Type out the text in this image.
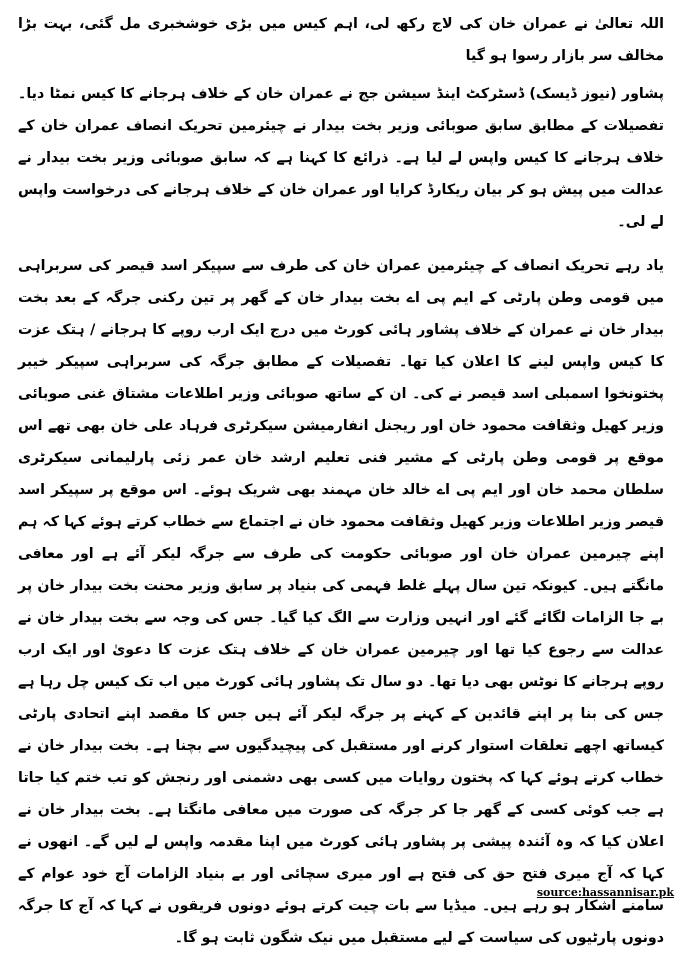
اللہ تعالیٰ نے عمران خان کی لاج رکھ لی، اہم کیس میں بڑی خوشخبری مل گئی، بہت بڑا مخالف سر بازار رسوا ہو گیا

پشاور (نیوز ڈیسک) ڈسٹرکٹ اینڈ سیشن جج نے عمران خان کے خلاف ہرجانے کا کیس نمٹا دیا۔ تفصیلات کے مطابق سابق صوبائی وزیر بخت بیدار نے چیئرمین تحریک انصاف عمران خان کے خلاف ہرجانے کا کیس واپس لے لیا ہے۔ ذرائع کا کہنا ہے کہ سابق صوبائی وزیر بخت بیدار نے عدالت میں پیش ہو کر بیان ریکارڈ کرایا اور عمران خان کے خلاف ہرجانے کی درخواست واپس لے لی۔

یاد رہے تحریک انصاف کے چیئرمین عمران خان کی طرف سے سپیکر اسد قیصر کی سربراہی میں قومی وطن پارٹی کے ایم پی اے بخت بیدار خان کے گھر پر تین رکنی جرگہ کے بعد بخت بیدار خان نے عمران کے خلاف پشاور ہائی کورٹ میں درج ایک ارب روپے کا ہرجانے / ہتک عزت کا کیس واپس لینے کا اعلان کیا تھا۔ تفصیلات کے مطابق جرگہ کی سربراہی سپیکر خیبر پختونخوا اسمبلی اسد قیصر نے کی۔ ان کے ساتھ صوبائی وزیر اطلاعات مشتاق غنی صوبائی وزیر کھیل وثقافت محمود خان اور ریجنل انفارمیشن سیکرٹری فرہاد علی خان بھی تھے اس موقع پر قومی وطن پارٹی کے مشیر فنی تعلیم ارشد خان عمر زئی پارلیمانی سیکرٹری سلطان محمد خان اور ایم پی اے خالد خان مہمند بھی شریک ہوئے۔ اس موقع پر سپیکر اسد قیصر وزیر اطلاعات وزیر کھیل وثقافت محمود خان نے اجتماع سے خطاب کرتے ہوئے کہا کہ ہم اپنے چیرمین عمران خان اور صوبائی حکومت کی طرف سے جرگہ لیکر آئے ہے اور معافی مانگتے ہیں۔ کیونکہ تین سال پہلے غلط فہمی کی بنیاد پر سابق وزیر محنت بخت بیدار خان پر بے جا الزامات لگائے گئے اور انہیں وزارت سے الگ کیا گیا۔ جس کی وجہ سے بخت بیدار خان نے عدالت سے رجوع کیا تھا اور چیرمین عمران خان کے خلاف ہتک عزت کا دعویٰ اور ایک ارب روپے ہرجانے کا نوٹس بھی دیا تھا۔ دو سال تک پشاور ہائی کورٹ میں اب تک کیس چل رہا ہے جس کی بنا پر اپنے قائدین کے کہنے پر جرگہ لیکر آئے ہیں جس کا مقصد اپنے اتحادی پارٹی کیساتھ اچھے تعلقات استوار کرنے اور مستقبل کی پیچیدگیوں سے بچنا ہے۔ بخت بیدار خان نے خطاب کرتے ہوئے کہا کہ پختون روایات میں کسی بھی دشمنی اور رنجش کو تب ختم کیا جاتا ہے جب کوئی کسی کے گھر جا کر جرگہ کی صورت میں معافی مانگتا ہے۔ بخت بیدار خان نے اعلان کیا کہ وہ آئندہ پیشی پر پشاور ہائی کورٹ میں اپنا مقدمہ واپس لے لیں گے۔ انھوں نے کہا کہ آج میری فتح حق کی فتح ہے اور میری سچائی اور بے بنیاد الزامات آج خود عوام کے سامنے اشکار ہو رہے ہیں۔ میڈیا سے بات چیت کرتے ہوئے دونوں فریقوں نے کہا کہ آج کا جرگہ دونوں پارٹیوں کی سیاست کے لیے مستقبل میں نیک شگون ثابت ہو گا۔

source:hassannisar.pk
